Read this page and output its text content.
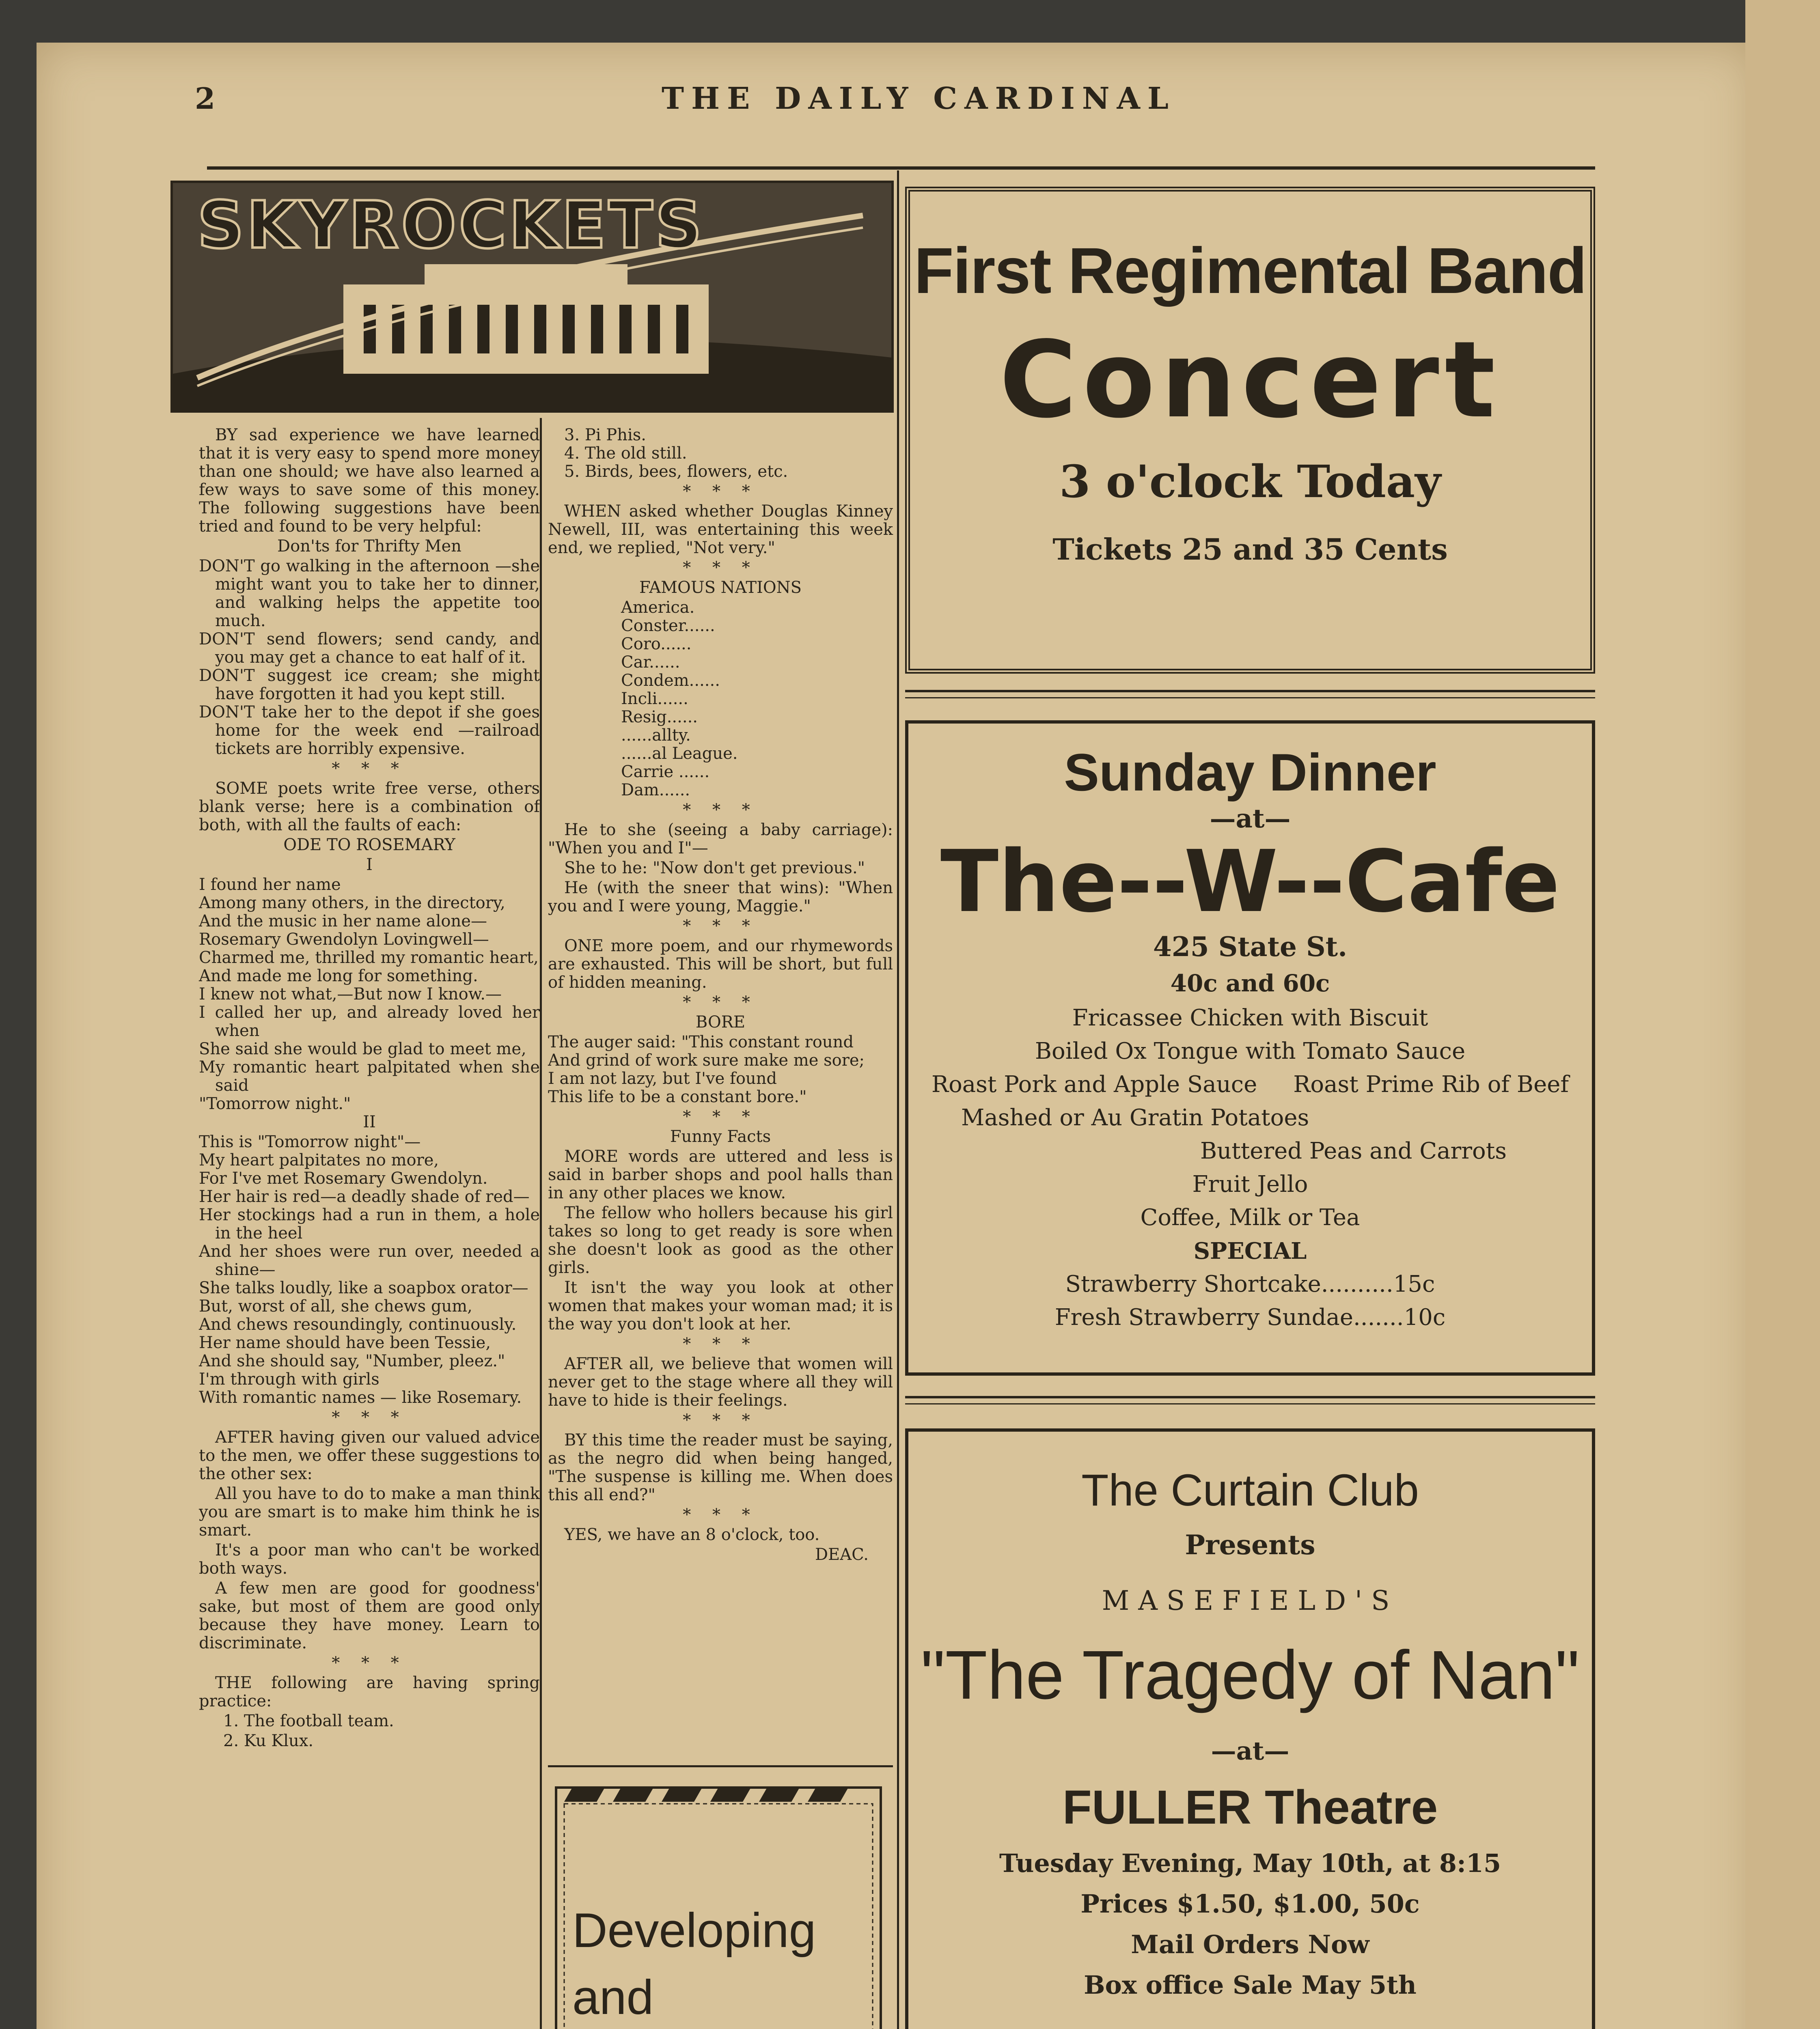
2	THE DAILY CARDINAL
SKYROCKETS

BY sad experience we have learned that it is very easy to spend more money than one should; we have also learned a few ways to save some of this money. The following suggestions have been tried and found to be very helpful:

Don'ts for Thrifty Men

DON'T go walking in the afternoon —she might want you to take her to dinner, and walking helps the appetite too much.

DON'T send flowers; send candy, and you may get a chance to eat half of it.

DON'T suggest ice cream; she might have forgotten it had you kept still.

DON'T take her to the depot if she goes home for the week end —railroad tickets are horribly expensive.

* * *

SOME poets write free verse, others blank verse; here is a combination of both, with all the faults of each:

ODE TO ROSEMARY

I

I found her name

Among many others, in the directory,

And the music in her name alone—

Rosemary Gwendolyn Lovingwell—

Charmed me, thrilled my romantic heart,

And made me long for something.

I knew not what,—But now I know.—

I called her up, and already loved her when

She said she would be glad to meet me,

My romantic heart palpitated when she said

"Tomorrow night."

II

This is "Tomorrow night"—

My heart palpitates no more,

For I've met Rosemary Gwendolyn.

Her hair is red—a deadly shade of red—

Her stockings had a run in them, a hole in the heel

And her shoes were run over, needed a shine—

She talks loudly, like a soapbox orator—

But, worst of all, she chews gum,

And chews resoundingly, continuously.

Her name should have been Tessie,

And she should say, "Number, pleez."

I'm through with girls

With romantic names — like Rosemary.

* * *

AFTER having given our valued advice to the men, we offer these suggestions to the other sex:

All you have to do to make a man think you are smart is to make him think he is smart.

It's a poor man who can't be worked both ways.

A few men are good for goodness' sake, but most of them are good only because they have money. Learn to discriminate.

* * *

THE following are having spring practice:

1. The football team.

2. Ku Klux.

3. Pi Phis.

4. The old still.

5. Birds, bees, flowers, etc.

* * *

WHEN asked whether Douglas Kinney Newell, III, was entertaining this week end, we replied, "Not very."

* * *

FAMOUS NATIONS

America.
Conster......
Coro......
Car......
Condem......
Incli......
Resig......
......allty.
......al League.
Carrie ......
Dam......
* * *

He to she (seeing a baby carriage): "When you and I"—

She to he: "Now don't get previous."

He (with the sneer that wins): "When you and I were young, Maggie."

* * *

ONE more poem, and our rhymewords are exhausted. This will be short, but full of hidden meaning.

* * *

BORE

The auger said: "This constant round

And grind of work sure make me sore;

I am not lazy, but I've found

This life to be a constant bore."

* * *

Funny Facts

MORE words are uttered and less is said in barber shops and pool halls than in any other places we know.

The fellow who hollers because his girl takes so long to get ready is sore when she doesn't look as good as the other girls.

It isn't the way you look at other women that makes your woman mad; it is the way you don't look at her.

* * *

AFTER all, we believe that women will never get to the stage where all they will have to hide is their feelings.

* * *

BY this time the reader must be saying, as the negro did when being hanged, "The suspense is killing me. When does this all end?"

* * *

YES, we have an 8 o'clock, too.

DEAC.

Developing
and
First Regimental Band
Concert
3 o'clock Today
Tickets 25 and 35 Cents
Sunday Dinner
—at—
The--W--Cafe
425 State St.
40c and 60c
Fricassee Chicken with Biscuit
Boiled Ox Tongue with Tomato Sauce
Roast Pork and Apple Sauce     Roast Prime Rib of Beef
Mashed or Au Gratin Potatoes
Buttered Peas and Carrots
Fruit Jello
Coffee, Milk or Tea
SPECIAL
Strawberry Shortcake..........15c
Fresh Strawberry Sundae.......10c
The Curtain Club
Presents
MASEFIELD'S
"The Tragedy of Nan"
—at—
FULLER Theatre
Tuesday Evening, May 10th, at 8:15
Prices $1.50, $1.00, 50c
Mail Orders Now
Box office Sale May 5th
